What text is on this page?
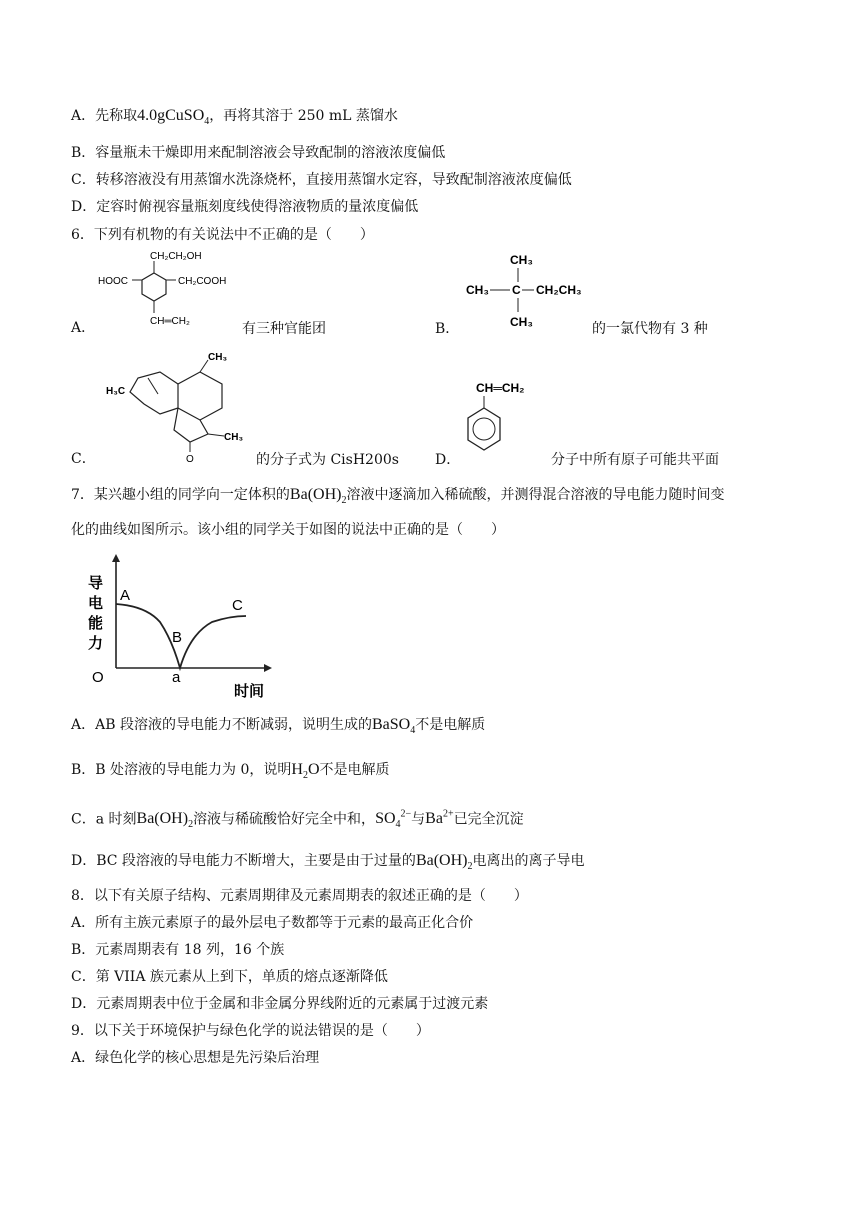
A．先称取4.0gCuSO$_4$，再将其溶于 250 mL 蒸馏水
B．容量瓶未干燥即用来配制溶液会导致配制的溶液浓度偏低
C．转移溶液没有用蒸馏水洗涤烧杯，直接用蒸馏水定容，导致配制溶液浓度偏低
D．定容时俯视容量瓶刻度线使得溶液物质的量浓度偏低
6．下列有机物的有关说法中不正确的是（　　）
CH₂CH₂OH
HOOC	CH₂COOH
CH═CH₂
A．	有三种官能团
CH₃
CH₃ C CH₂CH₃
CH₃
B．	的一氯代物有 3 种
CH₃
H₃C
CH₃
O
C．	的分子式为 CisH200s
CH═CH₂
D．	分子中所有原子可能共平面
7．某兴趣小组的同学向一定体积的$Ba(OH)_2$溶液中逐滴加入稀硫酸，并测得混合溶液的导电能力随时间变
化的曲线如图所示。该小组的同学关于如图的说法中正确的是（　　）
导
电
能
力
O
A
B
C
a
时间
A．AB 段溶液的导电能力不断减弱，说明生成的BaSO$_4$不是电解质
B．B 处溶液的导电能力为 0，说明$H_2O$不是电解质
C．a 时刻$Ba(OH)_2$溶液与稀硫酸恰好完全中和，$SO_4^{2-}$与$Ba^{2+}$已完全沉淀
D．BC 段溶液的导电能力不断增大，主要是由于过量的$Ba(OH)_2$电离出的离子导电
8．以下有关原子结构、元素周期律及元素周期表的叙述正确的是（　　）
A．所有主族元素原子的最外层电子数都等于元素的最高正化合价
B．元素周期表有 18 列，16 个族
C．第 VIIA 族元素从上到下，单质的熔点逐渐降低
D．元素周期表中位于金属和非金属分界线附近的元素属于过渡元素
9．以下关于环境保护与绿色化学的说法错误的是（　　）
A．绿色化学的核心思想是先污染后治理
